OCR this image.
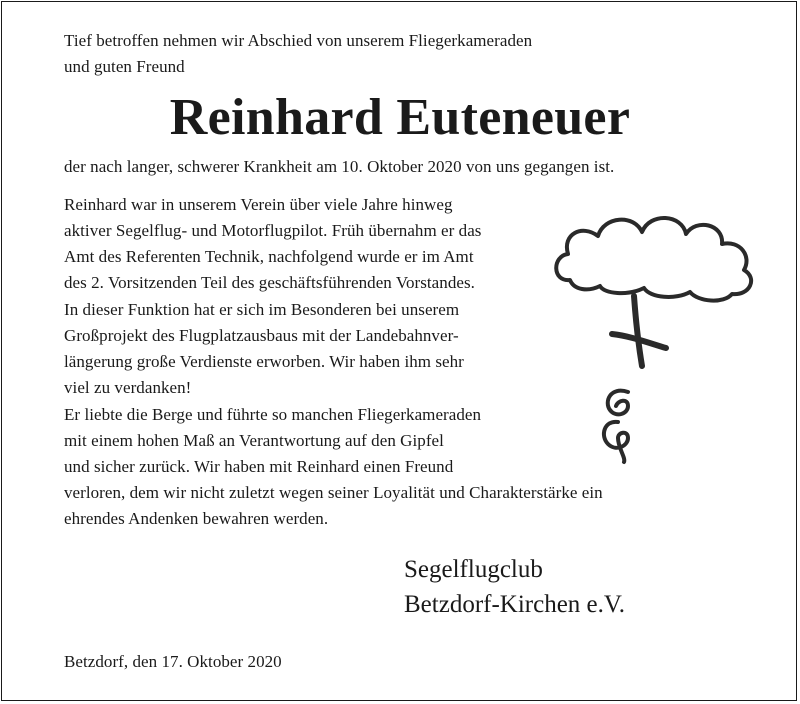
Tief betroffen nehmen wir Abschied von unserem Fliegerkameraden
und guten Freund
Reinhard Euteneuer
der nach langer, schwerer Krankheit am 10. Oktober 2020 von uns gegangen ist.
Reinhard war in unserem Verein über viele Jahre hinweg
aktiver Segelflug- und Motorflugpilot. Früh übernahm er das
Amt des Referenten Technik, nachfolgend wurde er im Amt
des 2. Vorsitzenden Teil des geschäftsführenden Vorstandes.
In dieser Funktion hat er sich im Besonderen bei unserem
Großprojekt des Flugplatzausbaus mit der Landebahnver-
längerung große Verdienste erworben. Wir haben ihm sehr
viel zu verdanken!
Er liebte die Berge und führte so manchen Fliegerkameraden
mit einem hohen Maß an Verantwortung auf den Gipfel
und sicher zurück. Wir haben mit Reinhard einen Freund
verloren, dem wir nicht zuletzt wegen seiner Loyalität und Charakterstärke ein
ehrendes Andenken bewahren werden.
Segelflugclub
Betzdorf-Kirchen e.V.
Betzdorf, den 17. Oktober 2020
